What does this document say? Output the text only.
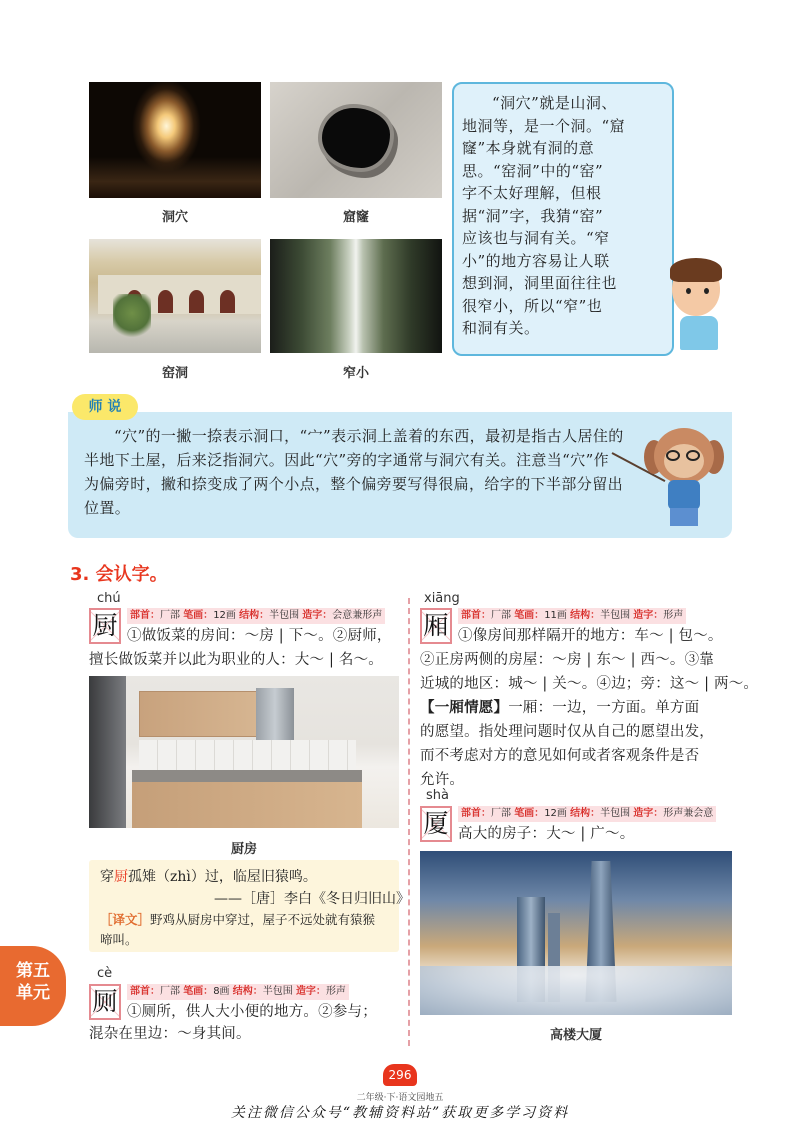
洞穴	窟窿
窑洞	窄小
“洞穴”就是山洞、
地洞等，是一个洞。“窟
窿”本身就有洞的意
思。“窑洞”中的“窑”
字不太好理解，但根
据“洞”字，我猜“窑”
应该也与洞有关。“窄
小”的地方容易让人联
想到洞，洞里面往往也
很窄小，所以“窄”也
和洞有关。
师 说
“穴”的一撇一捺表示洞口，“宀”表示洞上盖着的东西，最初是指古人居住的半地下土屋，后来泛指洞穴。因此“穴”旁的字通常与洞穴有关。注意当“穴”作为偏旁时，撇和捺变成了两个小点，整个偏旁要写得很扁，给字的下半部分留出位置。
3. 会认字。
chú
厨	部首：厂部 笔画：12画 结构：半包围 造字：会意兼形声
①做饭菜的房间：～房 | 下～。②厨师，
擅长做饭菜并以此为职业的人：大～ | 名～。
厨房
穿厨孤雉（zhì）过，临屋旧猿鸣。
——［唐］李白《冬日归旧山》
［译文］野鸡从厨房中穿过，屋子不远处就有猿猴
啼叫。
cè
厕	部首：厂部 笔画：8画 结构：半包围 造字：形声
①厕所，供人大小便的地方。②参与；
混杂在里边：～身其间。
xiāng
厢	部首：厂部 笔画：11画 结构：半包围 造字：形声
①像房间那样隔开的地方：车～ | 包～。
②正房两侧的房屋：～房 | 东～ | 西～。③靠
近城的地区：城～ | 关～。④边；旁：这～ | 两～。
【一厢情愿】一厢：一边，一方面。单方面
的愿望。指处理问题时仅从自己的愿望出发，
而不考虑对方的意见如何或者客观条件是否
允许。
shà
厦	部首：厂部 笔画：12画 结构：半包围 造字：形声兼会意
高大的房子：大～ | 广～。
高楼大厦
第五
单元
296
二年级·下·语文园地五
关注微信公众号“教辅资料站”获取更多学习资料
